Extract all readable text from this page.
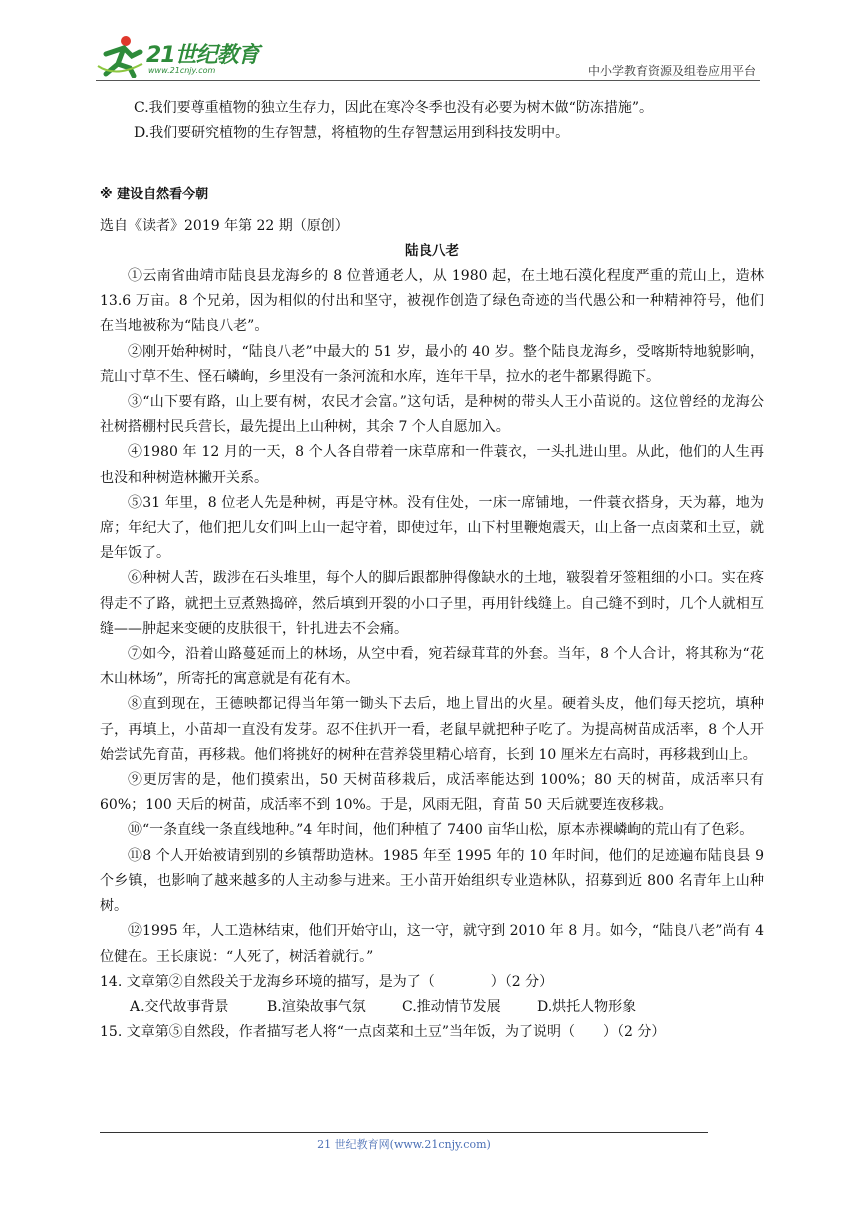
21世纪教育
www.21cnjy.com	中小学教育资源及组卷应用平台

C.我们要尊重植物的独立生存力，因此在寒冷冬季也没有必要为树木做“防冻措施”。

D.我们要研究植物的生存智慧，将植物的生存智慧运用到科技发明中。

※ 建设自然看今朝
选自《读者》2019 年第 22 期（原创）
陆良八老

①云南省曲靖市陆良县龙海乡的 8 位普通老人，从 1980 起，在土地石漠化程度严重的荒山上，造林 13.6 万亩。8 个兄弟，因为相似的付出和坚守，被视作创造了绿色奇迹的当代愚公和一种精神符号，他们在当地被称为“陆良八老”。

②刚开始种树时，“陆良八老”中最大的 51 岁，最小的 40 岁。整个陆良龙海乡，受喀斯特地貌影响，荒山寸草不生、怪石嶙峋，乡里没有一条河流和水库，连年干旱，拉水的老牛都累得跪下。

③“山下要有路，山上要有树，农民才会富。”这句话，是种树的带头人王小苗说的。这位曾经的龙海公社树搭棚村民兵营长，最先提出上山种树，其余 7 个人自愿加入。

④1980 年 12 月的一天，8 个人各自带着一床草席和一件蓑衣，一头扎进山里。从此，他们的人生再也没和种树造林撇开关系。

⑤31 年里，8 位老人先是种树，再是守林。没有住处，一床一席铺地，一件蓑衣搭身，天为幕，地为席；年纪大了，他们把儿女们叫上山一起守着，即使过年，山下村里鞭炮震天，山上备一点卤菜和土豆，就是年饭了。

⑥种树人苦，跋涉在石头堆里，每个人的脚后跟都肿得像缺水的土地，皲裂着牙签粗细的小口。实在疼得走不了路，就把土豆煮熟捣碎，然后填到开裂的小口子里，再用针线缝上。自己缝不到时，几个人就相互缝——肿起来变硬的皮肤很干，针扎进去不会痛。

⑦如今，沿着山路蔓延而上的林场，从空中看，宛若绿茸茸的外套。当年，8 个人合计，将其称为“花木山林场”，所寄托的寓意就是有花有木。

⑧直到现在，王德映都记得当年第一锄头下去后，地上冒出的火星。硬着头皮，他们每天挖坑，填种子，再填上，小苗却一直没有发芽。忍不住扒开一看，老鼠早就把种子吃了。为提高树苗成活率，8 个人开始尝试先育苗，再移栽。他们将挑好的树种在营养袋里精心培育，长到 10 厘米左右高时，再移栽到山上。

⑨更厉害的是，他们摸索出，50 天树苗移栽后，成活率能达到 100%；80 天的树苗，成活率只有 60%；100 天后的树苗，成活率不到 10%。于是，风雨无阻，育苗 50 天后就要连夜移栽。

⑩“一条直线一条直线地种。”4 年时间，他们种植了 7400 亩华山松，原本赤裸嶙峋的荒山有了色彩。

⑪8 个人开始被请到别的乡镇帮助造林。1985 年至 1995 年的 10 年时间，他们的足迹遍布陆良县 9 个乡镇，也影响了越来越多的人主动参与进来。王小苗开始组织专业造林队，招募到近 800 名青年上山种树。

⑫1995 年，人工造林结束，他们开始守山，这一守，就守到 2010 年 8 月。如今，“陆良八老”尚有 4 位健在。王长康说：“人死了，树活着就行。”

14. 文章第②自然段关于龙海乡环境的描写，是为了（　　　　）（2 分）

A.交代故事背景	B.渲染故事气氛	C.推动情节发展	D.烘托人物形象

15. 文章第⑤自然段，作者描写老人将“一点卤菜和土豆”当年饭，为了说明（　　）（2 分）

21 世纪教育网(www.21cnjy.com)
